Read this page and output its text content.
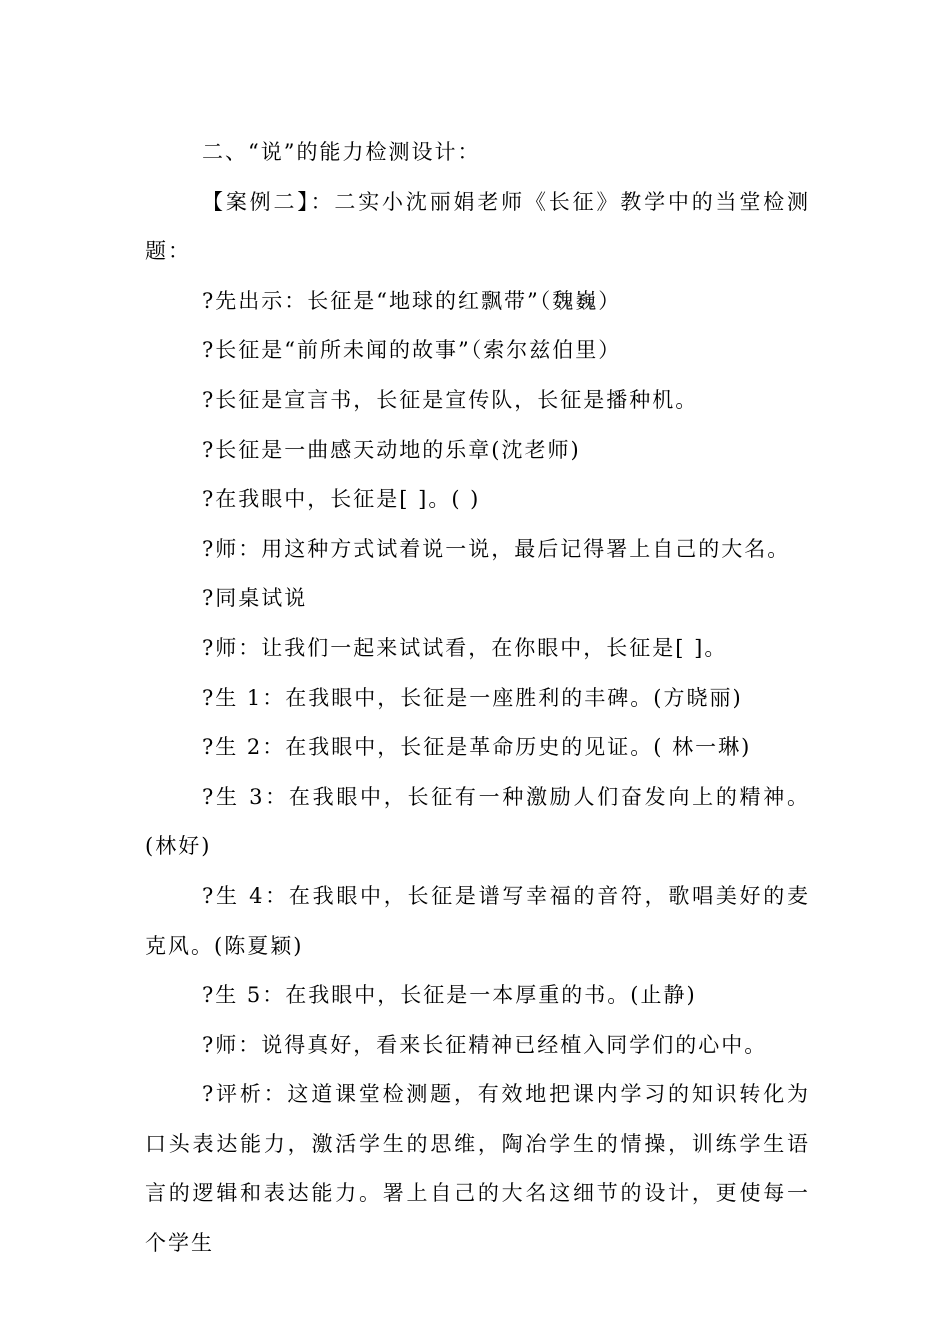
二、“说”的能力检测设计：

【案例二】：二实小沈丽娟老师《长征》教学中的当堂检测题：

?先出示：长征是“地球的红飘带”（魏巍）

?长征是“前所未闻的故事”（索尔兹伯里）

?长征是宣言书，长征是宣传队，长征是播种机。

?长征是一曲感天动地的乐章(沈老师)

?在我眼中，长征是[ ]。( )

?师：用这种方式试着说一说，最后记得署上自己的大名。

?同桌试说

?师：让我们一起来试试看，在你眼中，长征是[ ]。

?生 1：在我眼中，长征是一座胜利的丰碑。(方晓丽)

?生 2：在我眼中，长征是革命历史的见证。( 林一琳)

?生 3：在我眼中，长征有一种激励人们奋发向上的精神。(林好)

?生 4：在我眼中，长征是谱写幸福的音符，歌唱美好的麦克风。(陈夏颖)

?生 5：在我眼中，长征是一本厚重的书。(止静)

?师：说得真好，看来长征精神已经植入同学们的心中。

?评析：这道课堂检测题，有效地把课内学习的知识转化为口头表达能力，激活学生的思维，陶冶学生的情操，训练学生语言的逻辑和表达能力。署上自己的大名这细节的设计，更使每一个学生
